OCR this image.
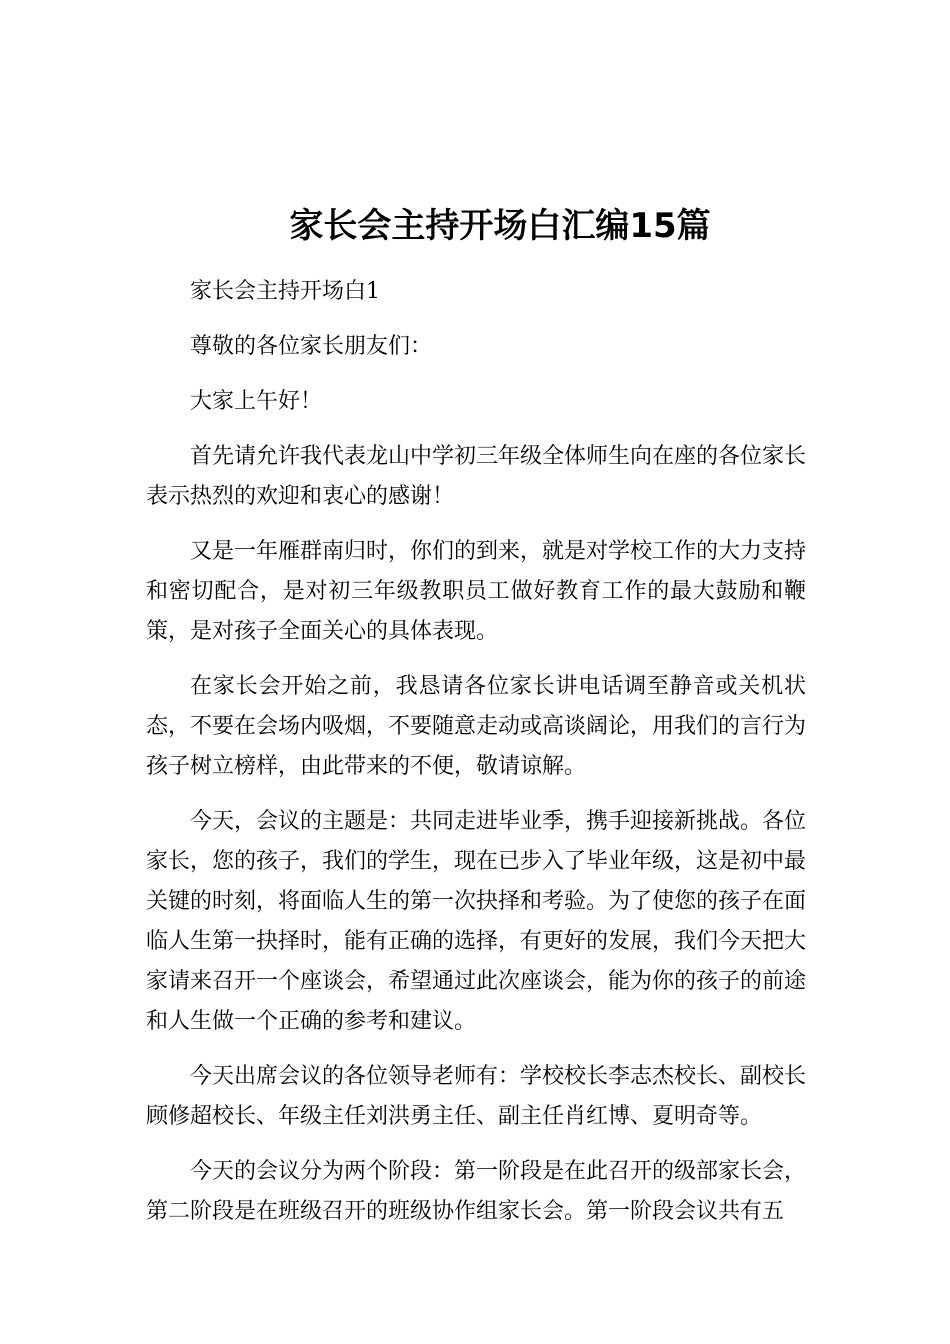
家长会主持开场白汇编15篇

家长会主持开场白1

尊敬的各位家长朋友们：

大家上午好！

首先请允许我代表龙山中学初三年级全体师生向在座的各位家长表示热烈的欢迎和衷心的感谢！

又是一年雁群南归时，你们的到来，就是对学校工作的大力支持和密切配合，是对初三年级教职员工做好教育工作的最大鼓励和鞭策，是对孩子全面关心的具体表现。

在家长会开始之前，我恳请各位家长讲电话调至静音或关机状态，不要在会场内吸烟，不要随意走动或高谈阔论，用我们的言行为孩子树立榜样，由此带来的不便，敬请谅解。

今天，会议的主题是：共同走进毕业季，携手迎接新挑战。各位家长，您的孩子，我们的学生，现在已步入了毕业年级，这是初中最关键的时刻，将面临人生的第一次抉择和考验。为了使您的孩子在面临人生第一抉择时，能有正确的选择，有更好的发展，我们今天把大家请来召开一个座谈会，希望通过此次座谈会，能为你的孩子的前途和人生做一个正确的参考和建议。

今天出席会议的各位领导老师有：学校校长李志杰校长、副校长顾修超校长、年级主任刘洪勇主任、副主任肖红博、夏明奇等。

今天的会议分为两个阶段：第一阶段是在此召开的级部家长会，第二阶段是在班级召开的班级协作组家长会。第一阶段会议共有五
